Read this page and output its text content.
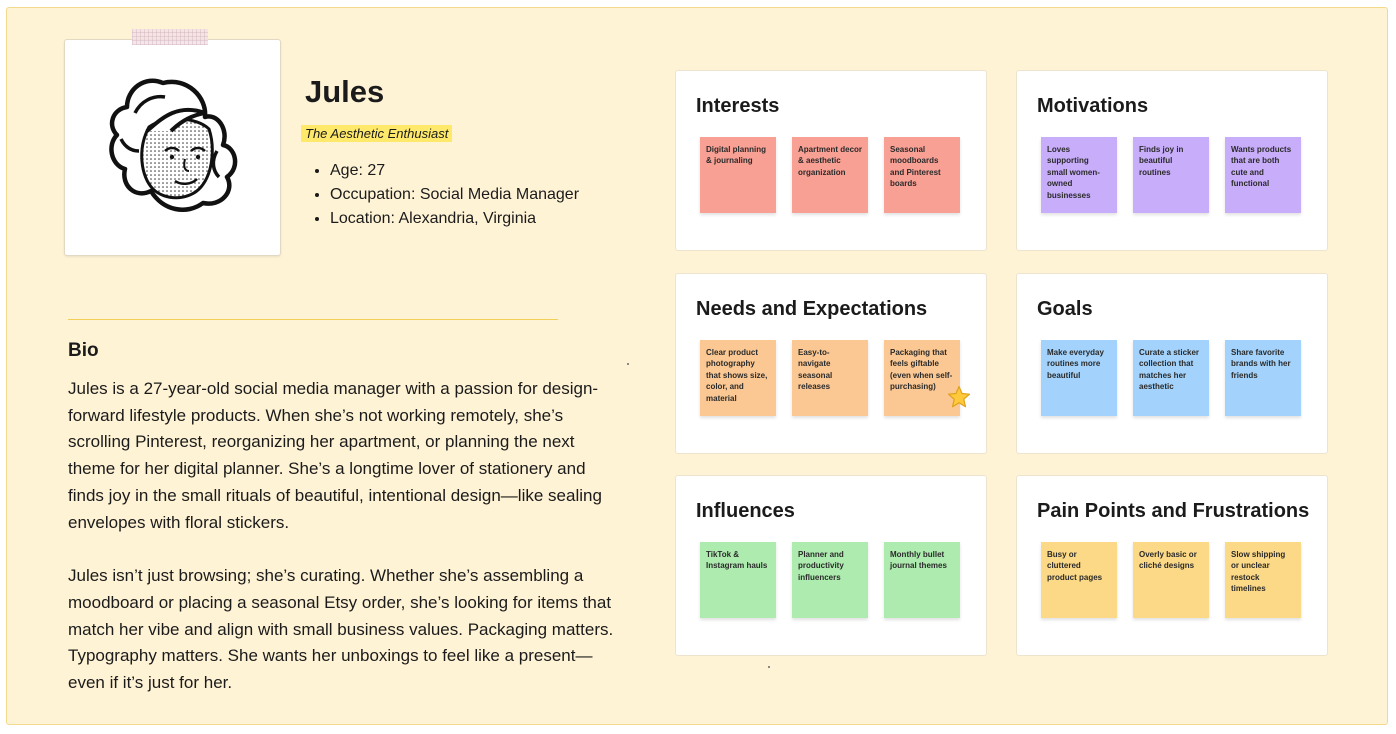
Jules
The Aesthetic Enthusiast
• Age: 27
• Occupation: Social Media Manager
• Location: Alexandria, Virginia
Bio

Jules is a 27-year-old social media manager with a passion for design-forward lifestyle products. When she’s not working remotely, she’s scrolling Pinterest, reorganizing her apartment, or planning the next theme for her digital planner. She’s a longtime lover of stationery and finds joy in the small rituals of beautiful, intentional design—like sealing envelopes with floral stickers.

Jules isn’t just browsing; she’s curating. Whether she’s assembling a moodboard or placing a seasonal Etsy order, she’s looking for items that match her vibe and align with small business values. Packaging matters. Typography matters. She wants her unboxings to feel like a present—even if it’s just for her.

Interests
Digital planning & journaling
Apartment decor & aesthetic organization
Seasonal moodboards and Pinterest boards
Motivations
Loves supporting small women-owned businesses
Finds joy in beautiful routines
Wants products that are both cute and functional
Needs and Expectations
Clear product photography that shows size, color, and material
Easy-to-navigate seasonal releases
Packaging that feels giftable (even when self-purchasing)
Goals
Make everyday routines more beautiful
Curate a sticker collection that matches her aesthetic
Share favorite brands with her friends
Influences
TikTok & Instagram hauls
Planner and productivity influencers
Monthly bullet journal themes
Pain Points and Frustrations
Busy or cluttered product pages
Overly basic or cliché designs
Slow shipping or unclear restock timelines
